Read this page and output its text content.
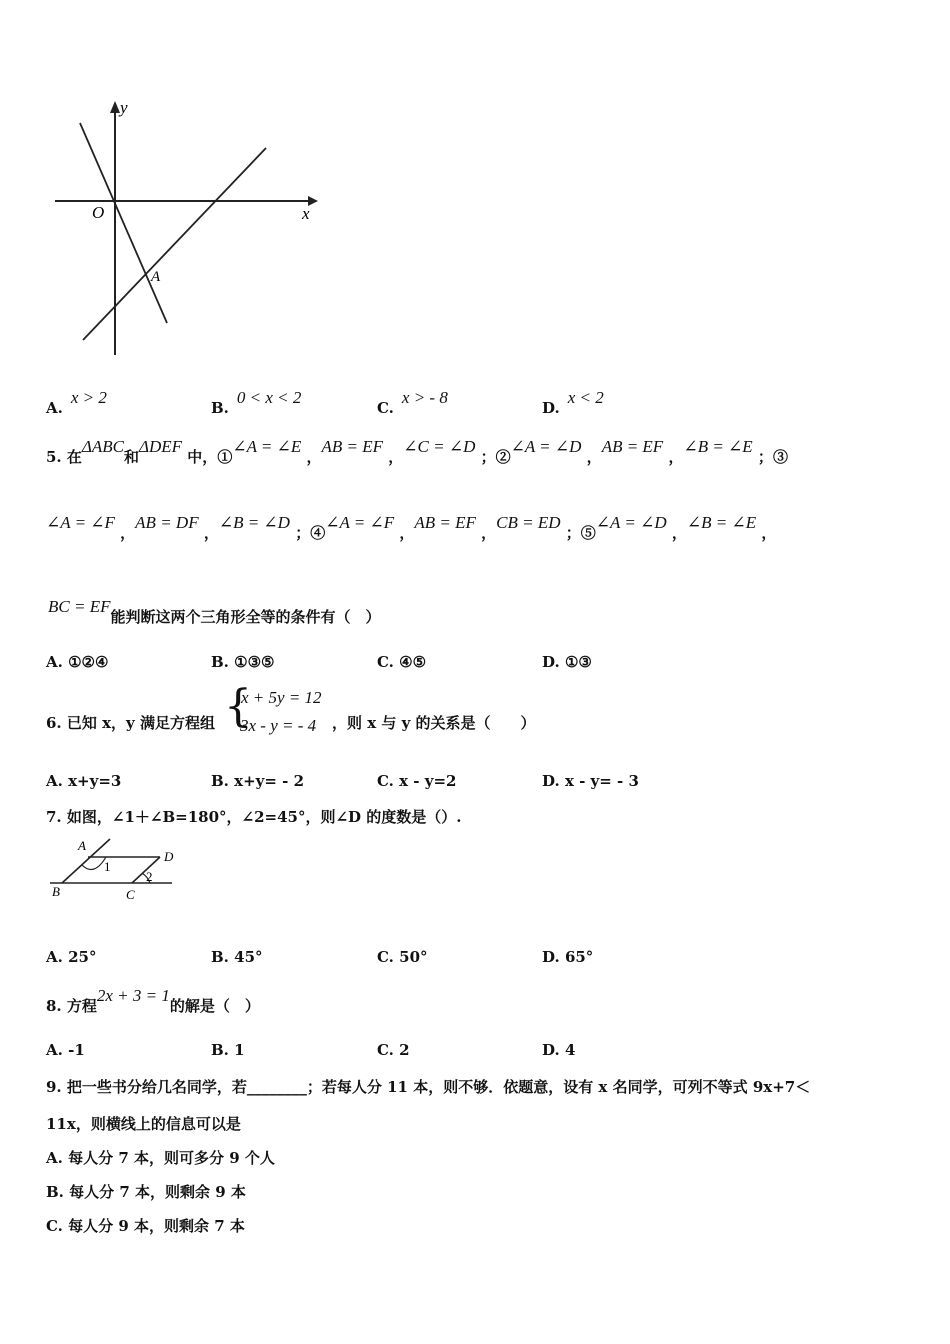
y
x
O
A
A.x > 2
B.0 < x < 2
C.x > - 8
D.x < 2
5. 在ΔABC和ΔDEF 中，①∠A = ∠E ，AB = EF ，∠C = ∠D ；②∠A = ∠D ，AB = EF ，∠B = ∠E ；③
∠A = ∠F ，AB = DF ，∠B = ∠D ；④∠A = ∠F ，AB = EF ，CB = ED ；⑤∠A = ∠D ，∠B = ∠E ，
BC = EF能判断这两个三角形全等的条件有（　）
A. ①②④	B. ①③⑤	C. ④⑤	D. ①③
6. 已知 x，y 满足方程组 {
x + 5y = 12
3x - y = - 4 ，则 x 与 y 的关系是（　　）
A. x+y=3	B. x+y= - 2	C. x - y=2	D. x - y= - 3
7. 如图，∠1＋∠B=180°，∠2=45°，则∠D 的度数是（）.
A
B	C
D
1
2
A. 25°	B. 45°	C. 50°	D. 65°
8. 方程2x + 3 = 1的解是（　）
A. -1	B. 1	C. 2	D. 4
9. 把一些书分给几名同学，若________；若每人分 11 本，则不够．依题意，设有 x 名同学，可列不等式 9x+7＜
11x，则横线上的信息可以是
A. 每人分 7 本，则可多分 9 个人
B. 每人分 7 本，则剩余 9 本
C. 每人分 9 本，则剩余 7 本
